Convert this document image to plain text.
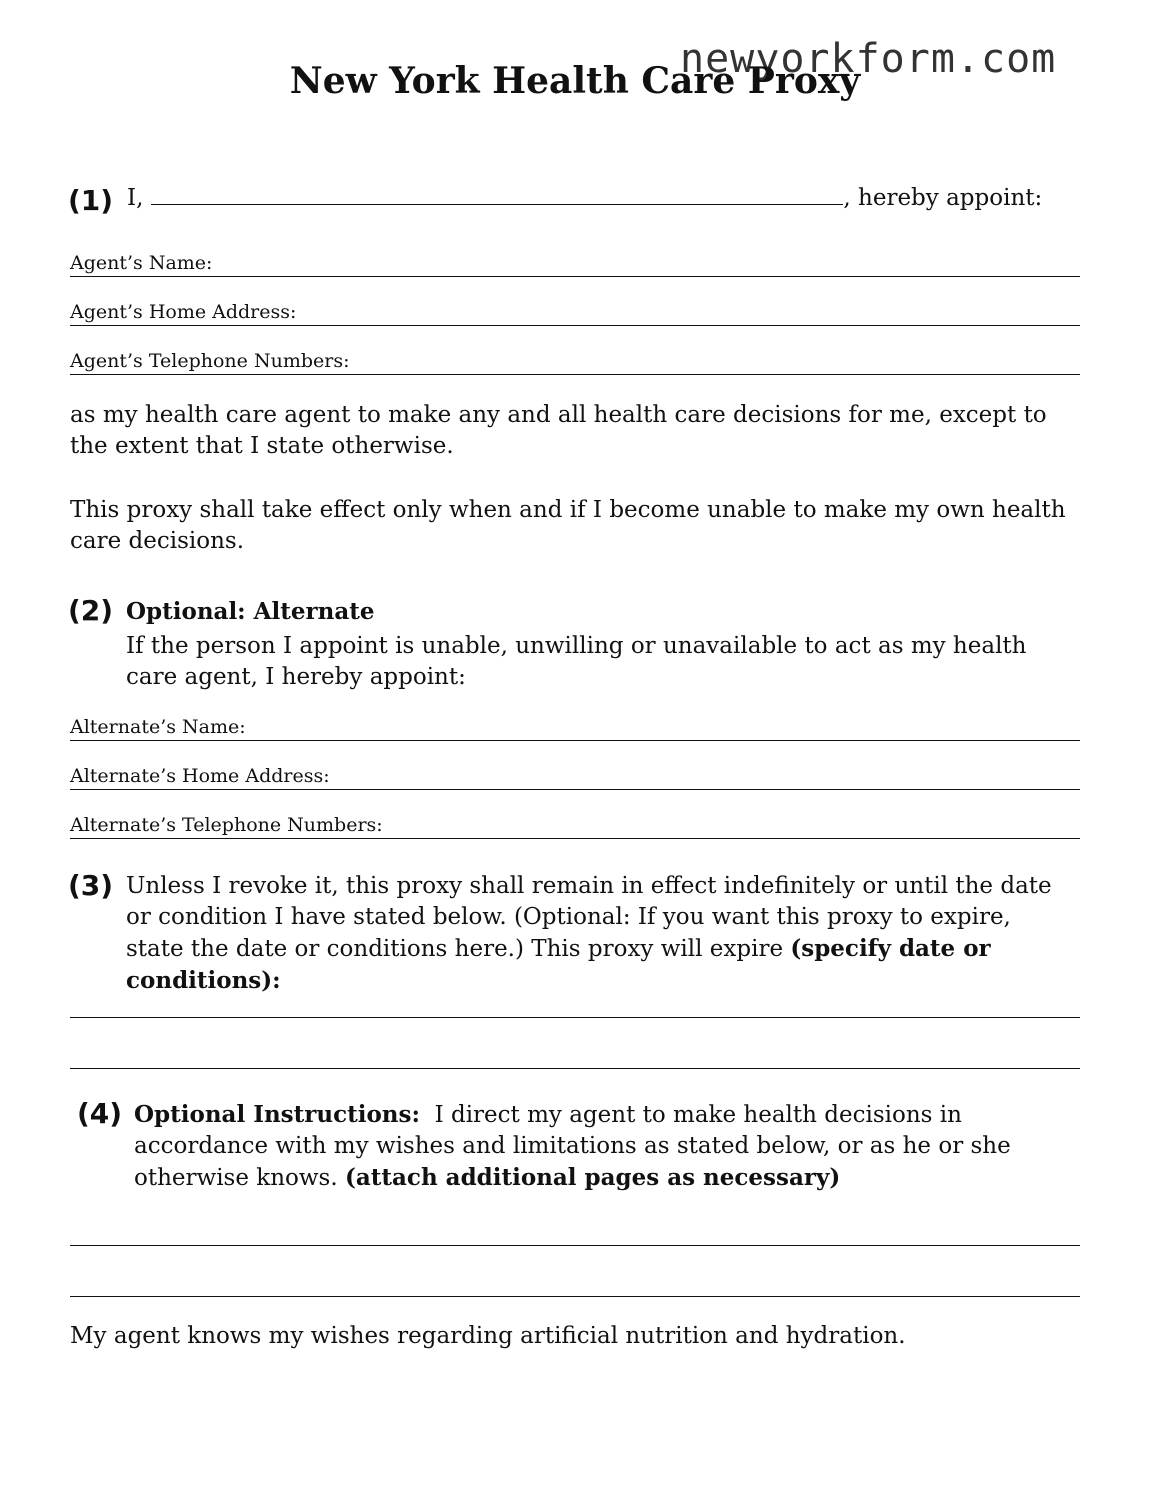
newyorkform.com
New York Health Care Proxy
(1) I,	, hereby appoint:
Agent’s Name:
Agent’s Home Address:
Agent’s Telephone Numbers:
as my health care agent to make any and all health care decisions for me, except to the extent that I state otherwise.
This proxy shall take effect only when and if I become unable to make my own health care decisions.
(2) Optional: Alternate
If the person I appoint is unable, unwilling or unavailable to act as my health care agent, I hereby appoint:
Alternate’s Name:
Alternate’s Home Address:
Alternate’s Telephone Numbers:
(3) Unless I revoke it, this proxy shall remain in effect indefinitely or until the date or condition I have stated below. (Optional: If you want this proxy to expire, state the date or conditions here.) This proxy will expire (specify date or conditions):
(4) Optional Instructions: I direct my agent to make health decisions in accordance with my wishes and limitations as stated below, or as he or she otherwise knows. (attach additional pages as necessary)
My agent knows my wishes regarding artificial nutrition and hydration.
